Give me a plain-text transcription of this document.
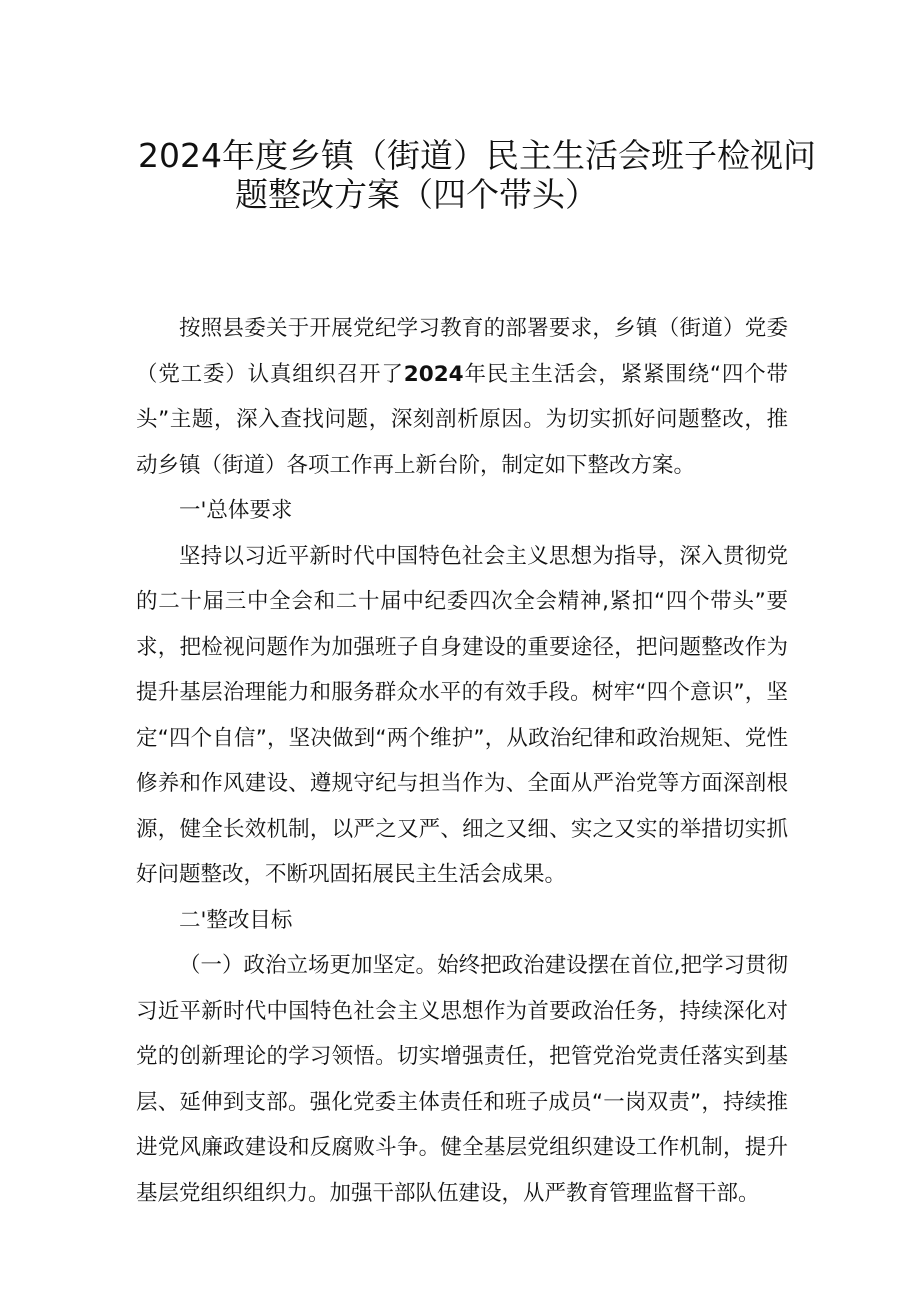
2024年度乡镇（街道）民主生活会班子检视问
题整改方案（四个带头）

按照县委关于开展党纪学习教育的部署要求，乡镇（街道）党委（党工委）认真组织召开了2024年民主生活会，紧紧围绕“四个带头”主题，深入查找问题，深刻剖析原因。为切实抓好问题整改，推动乡镇（街道）各项工作再上新台阶，制定如下整改方案。

一'总体要求

坚持以习近平新时代中国特色社会主义思想为指导，深入贯彻党的二十届三中全会和二十届中纪委四次全会精神,紧扣“四个带头”要求，把检视问题作为加强班子自身建设的重要途径，把问题整改作为提升基层治理能力和服务群众水平的有效手段。树牢“四个意识”，坚定“四个自信”，坚决做到“两个维护”，从政治纪律和政治规矩、党性修养和作风建设、遵规守纪与担当作为、全面从严治党等方面深剖根源，健全长效机制，以严之又严、细之又细、实之又实的举措切实抓好问题整改，不断巩固拓展民主生活会成果。

二'整改目标

（一）政治立场更加坚定。始终把政治建设摆在首位,把学习贯彻习近平新时代中国特色社会主义思想作为首要政治任务，持续深化对党的创新理论的学习领悟。切实增强责任，把管党治党责任落实到基层、延伸到支部。强化党委主体责任和班子成员“一岗双责”，持续推进党风廉政建设和反腐败斗争。健全基层党组织建设工作机制，提升基层党组织组织力。加强干部队伍建设，从严教育管理监督干部。
